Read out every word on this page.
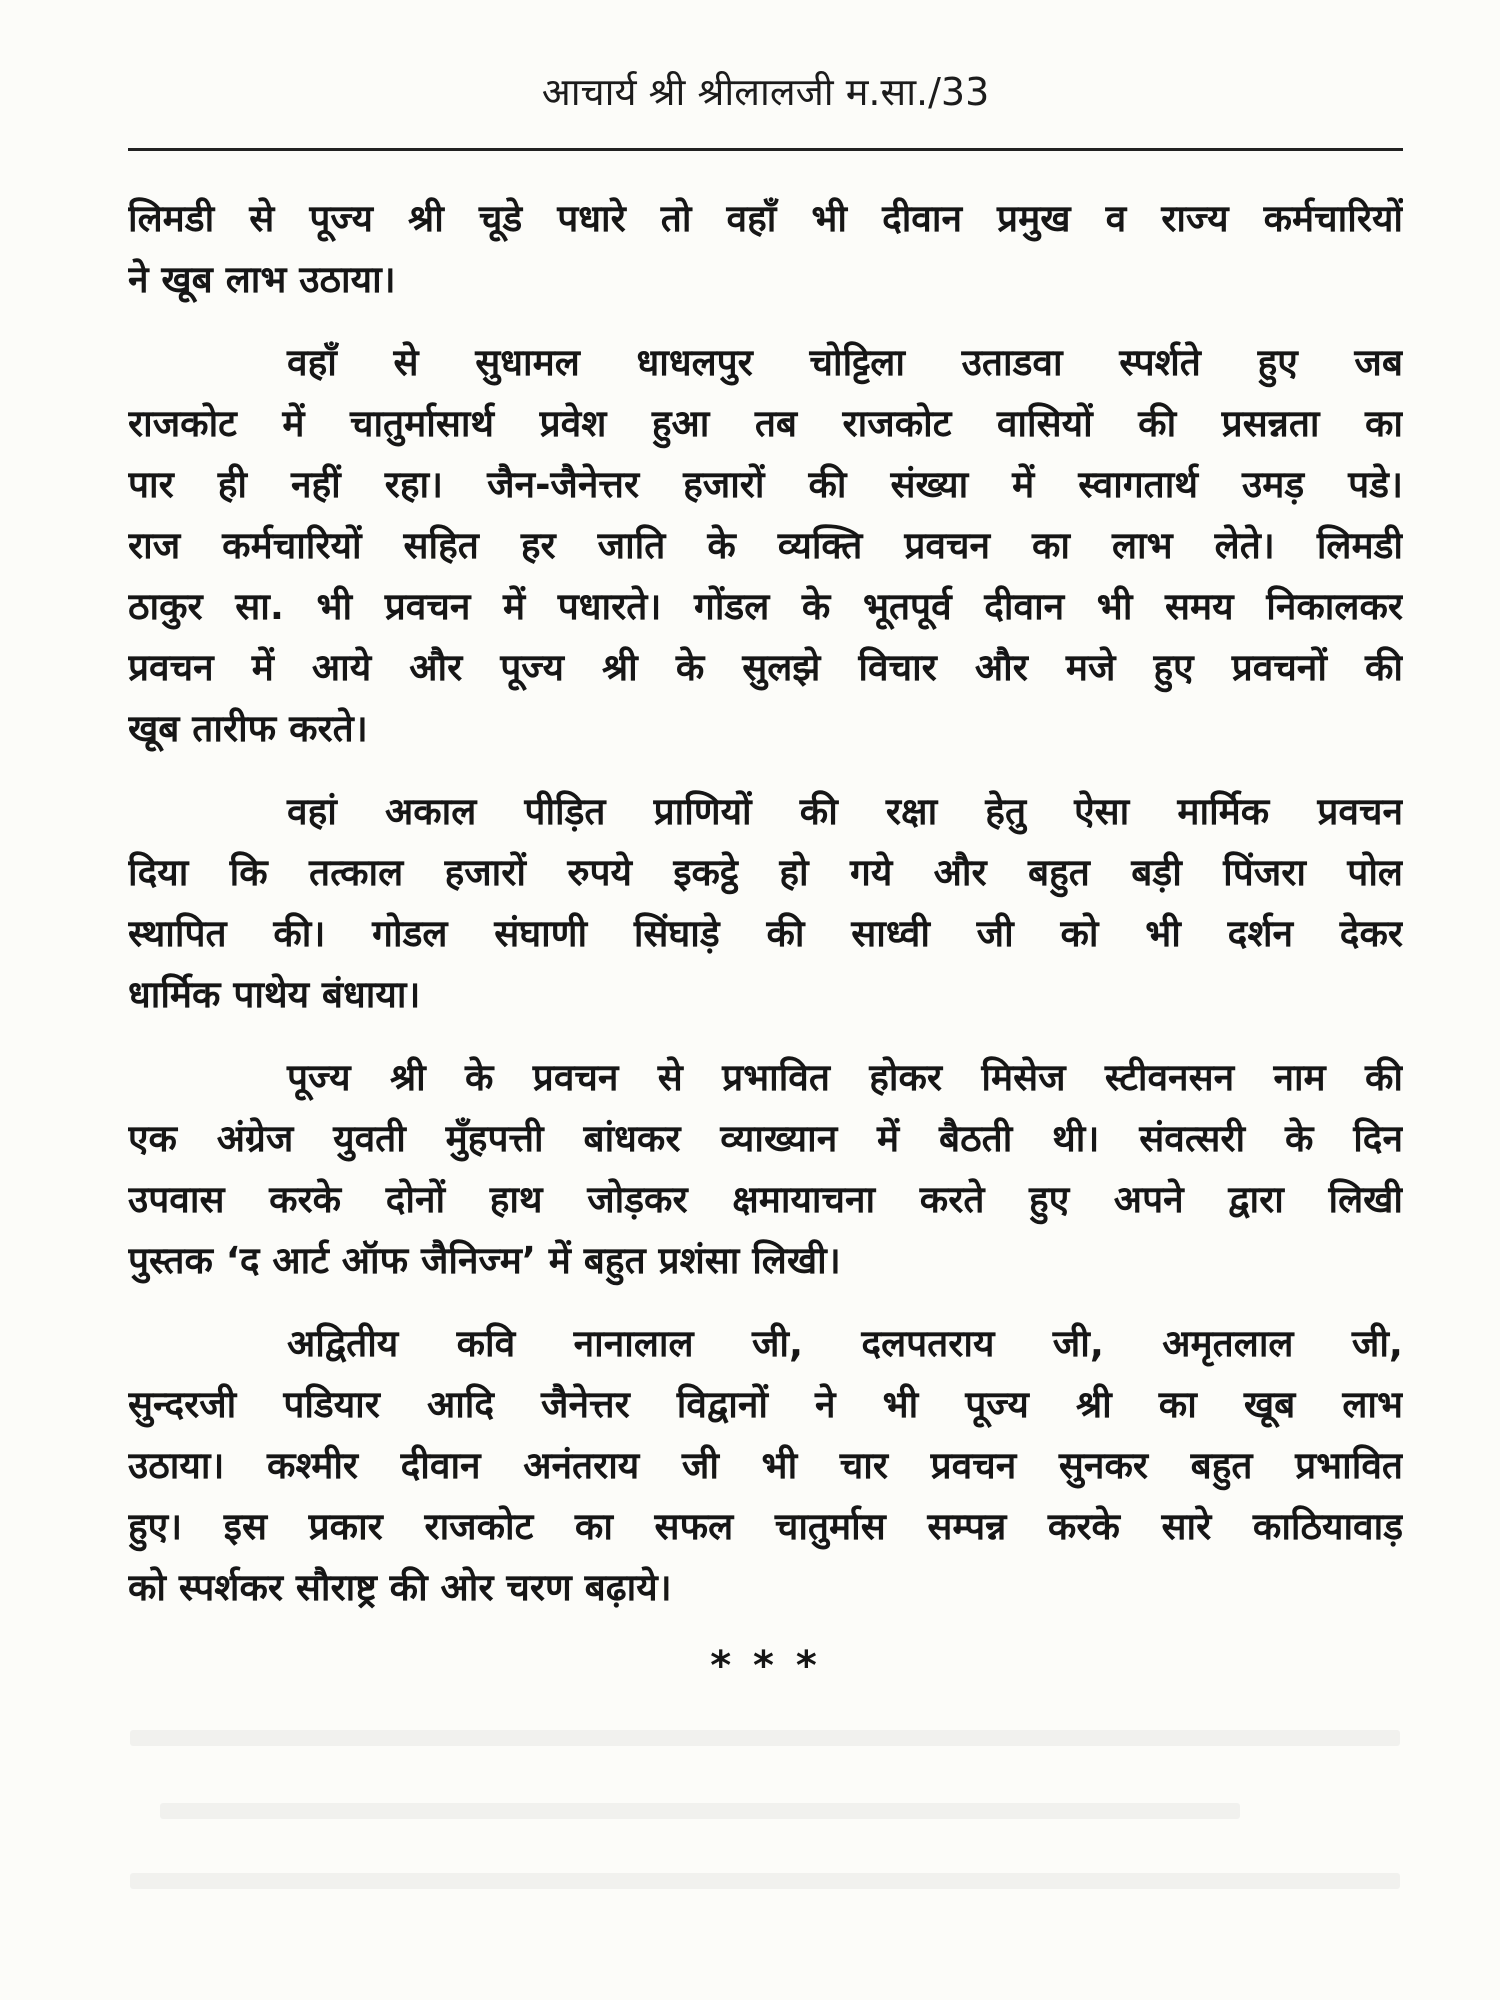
आचार्य श्री श्रीलालजी म.सा./33
लिमडी से पूज्य श्री चूडे पधारे तो वहाँ भी दीवान प्रमुख व राज्य कर्मचारियों
ने खूब लाभ उठाया।
वहाँ से सुधामल धाधलपुर चोट्टिला उताडवा स्पर्शते हुए जब
राजकोट में चातुर्मासार्थ प्रवेश हुआ तब राजकोट वासियों की प्रसन्नता का
पार ही नहीं रहा। जैन-जैनेत्तर हजारों की संख्या में स्वागतार्थ उमड़ पडे।
राज कर्मचारियों सहित हर जाति के व्यक्ति प्रवचन का लाभ लेते। लिमडी
ठाकुर सा. भी प्रवचन में पधारते। गोंडल के भूतपूर्व दीवान भी समय निकालकर
प्रवचन में आये और पूज्य श्री के सुलझे विचार और मजे हुए प्रवचनों की
खूब तारीफ करते।
वहां अकाल पीड़ित प्राणियों की रक्षा हेतु ऐसा मार्मिक प्रवचन
दिया कि तत्काल हजारों रुपये इकट्ठे हो गये और बहुत बड़ी पिंजरा पोल
स्थापित की। गोडल संघाणी सिंघाड़े की साध्वी जी को भी दर्शन देकर
धार्मिक पाथेय बंधाया।
पूज्य श्री के प्रवचन से प्रभावित होकर मिसेज स्टीवनसन नाम की
एक अंग्रेज युवती मुँहपत्ती बांधकर व्याख्यान में बैठती थी। संवत्सरी के दिन
उपवास करके दोनों हाथ जोड़कर क्षमायाचना करते हुए अपने द्वारा लिखी
पुस्तक ‘द आर्ट ऑफ जैनिज्म’ में बहुत प्रशंसा लिखी।
अद्वितीय कवि नानालाल जी, दलपतराय जी, अमृतलाल जी,
सुन्दरजी पडियार आदि जैनेत्तर विद्वानों ने भी पूज्य श्री का खूब लाभ
उठाया। कश्मीर दीवान अनंतराय जी भी चार प्रवचन सुनकर बहुत प्रभावित
हुए। इस प्रकार राजकोट का सफल चातुर्मास सम्पन्न करके सारे काठियावाड़
को स्पर्शकर सौराष्ट्र की ओर चरण बढ़ाये।
* * *
